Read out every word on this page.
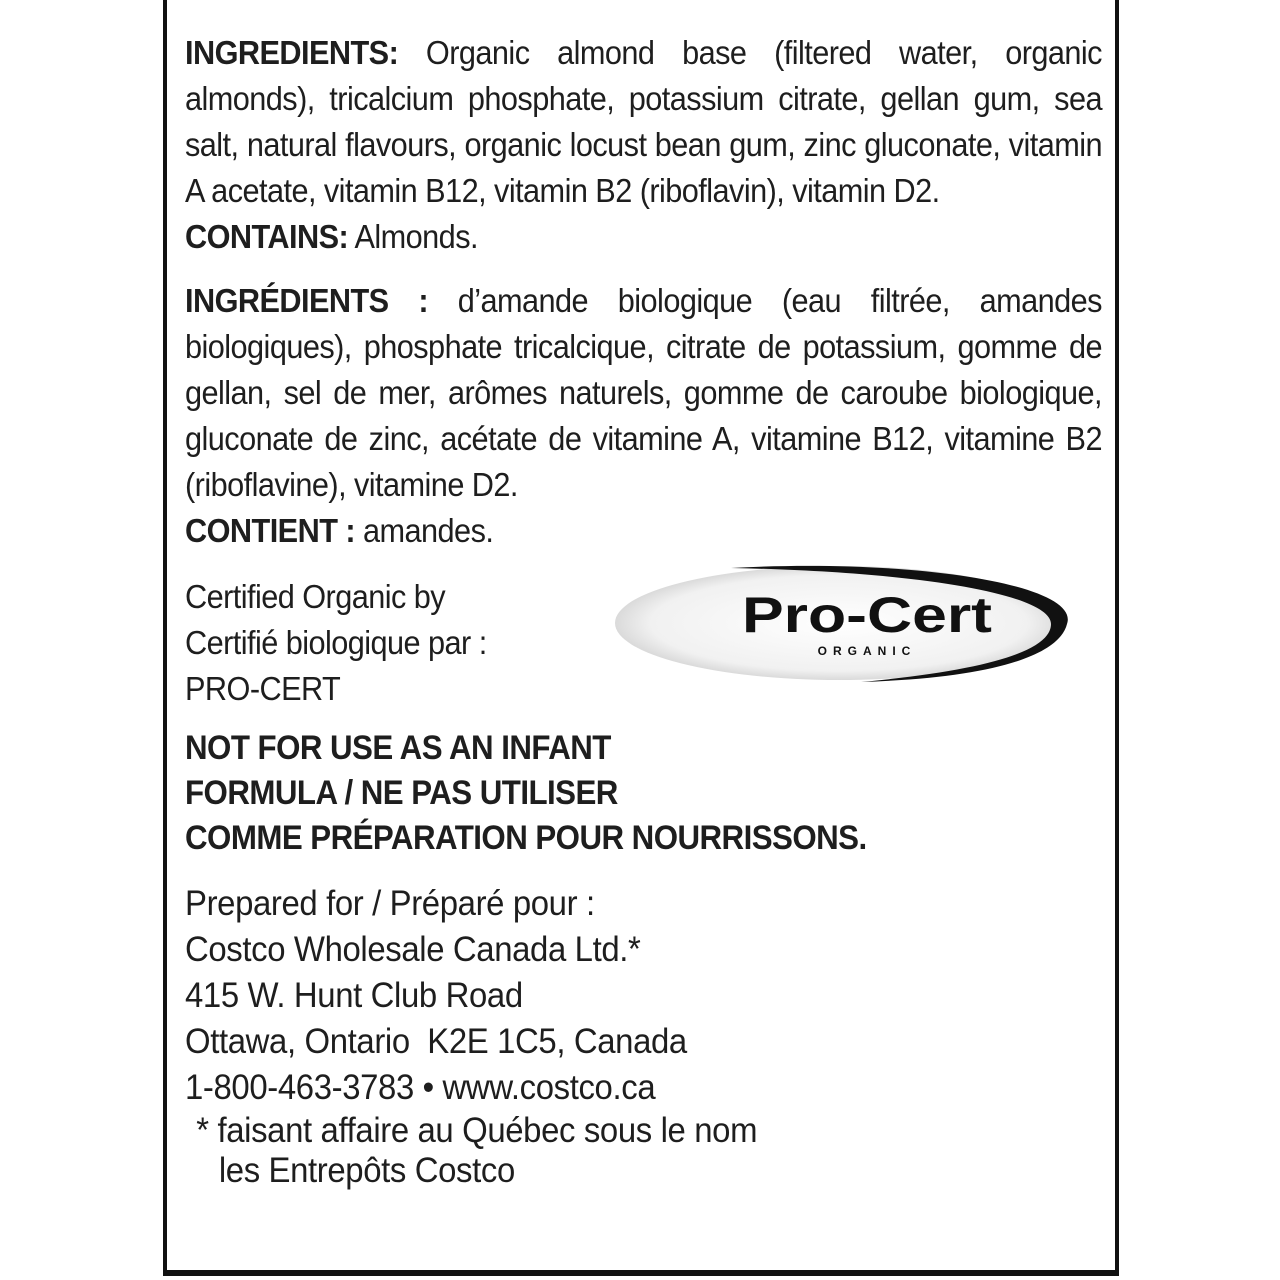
INGREDIENTS: Organic almond base (filtered water, organic almonds), tricalcium phosphate, potassium citrate, gellan gum, sea salt, natural flavours, organic locust bean gum, zinc gluconate, vitamin A acetate, vitamin B12, vitamin B2 (riboflavin), vitamin D2.
CONTAINS: Almonds.
INGRÉDIENTS : d’amande biologique (eau filtrée, amandes biologiques), phosphate tricalcique, citrate de potassium, gomme de gellan, sel de mer, arômes naturels, gomme de caroube biologique, gluconate de zinc, acétate de vitamine A, vitamine B12, vitamine B2 (riboflavine), vitamine D2.
CONTIENT : amandes.
Certified Organic by
Certifié biologique par :
PRO-CERT
Pro-Cert
ORGANIC
NOT FOR USE AS AN INFANT
FORMULA / NE PAS UTILISER
COMME PRÉPARATION POUR NOURRISSONS.
Prepared for / Préparé pour :
Costco Wholesale Canada Ltd.*
415 W. Hunt Club Road
Ottawa, Ontario  K2E 1C5, Canada
1-800-463-3783 • www.costco.ca
* faisant affaire au Québec sous le nom
les Entrepôts Costco
